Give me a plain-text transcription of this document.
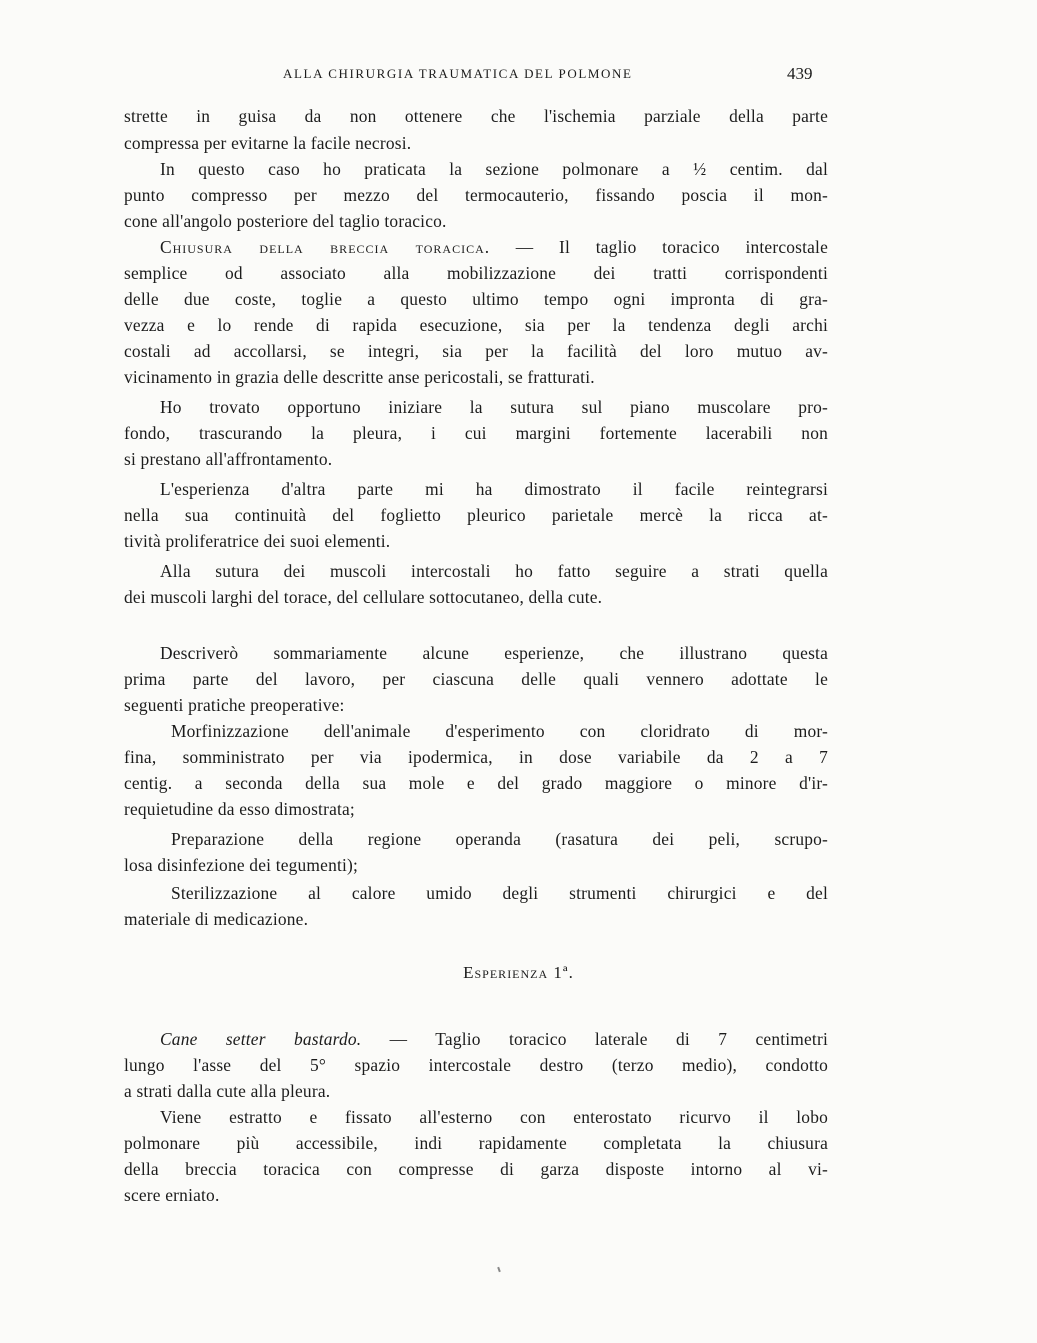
ALLA CHIRURGIA TRAUMATICA DEL POLMONE	439
strette in guisa da non ottenere che l'ischemia parziale della parte
compressa per evitarne la facile necrosi.
In questo caso ho praticata la sezione polmonare a ½ centim. dal
punto compresso per mezzo del termocauterio, fissando poscia il mon-
cone all'angolo posteriore del taglio toracico.
Chiusura della breccia toracica. — Il taglio toracico intercostale
semplice od associato alla mobilizzazione dei tratti corrispondenti
delle due coste, toglie a questo ultimo tempo ogni impronta di gra-
vezza e lo rende di rapida esecuzione, sia per la tendenza degli archi
costali ad accollarsi, se integri, sia per la facilità del loro mutuo av-
vicinamento in grazia delle descritte anse pericostali, se fratturati.
Ho trovato opportuno iniziare la sutura sul piano muscolare pro-
fondo, trascurando la pleura, i cui margini fortemente lacerabili non
si prestano all'affrontamento.
L'esperienza d'altra parte mi ha dimostrato il facile reintegrarsi
nella sua continuità del foglietto pleurico parietale mercè la ricca at-
tività proliferatrice dei suoi elementi.
Alla sutura dei muscoli intercostali ho fatto seguire a strati quella
dei muscoli larghi del torace, del cellulare sottocutaneo, della cute.
Descriverò sommariamente alcune esperienze, che illustrano questa
prima parte del lavoro, per ciascuna delle quali vennero adottate le
seguenti pratiche preoperative:
Morfinizzazione dell'animale d'esperimento con cloridrato di mor-
fina, somministrato per via ipodermica, in dose variabile da 2 a 7
centig. a seconda della sua mole e del grado maggiore o minore d'ir-
requietudine da esso dimostrata;
Preparazione della regione operanda (rasatura dei peli, scrupo-
losa disinfezione dei tegumenti);
Sterilizzazione al calore umido degli strumenti chirurgici e del
materiale di medicazione.
Esperienza 1ª.
Cane setter bastardo. — Taglio toracico laterale di 7 centimetri
lungo l'asse del 5° spazio intercostale destro (terzo medio), condotto
a strati dalla cute alla pleura.
Viene estratto e fissato all'esterno con enterostato ricurvo il lobo
polmonare più accessibile, indi rapidamente completata la chiusura
della breccia toracica con compresse di garza disposte intorno al vi-
scere erniato.
